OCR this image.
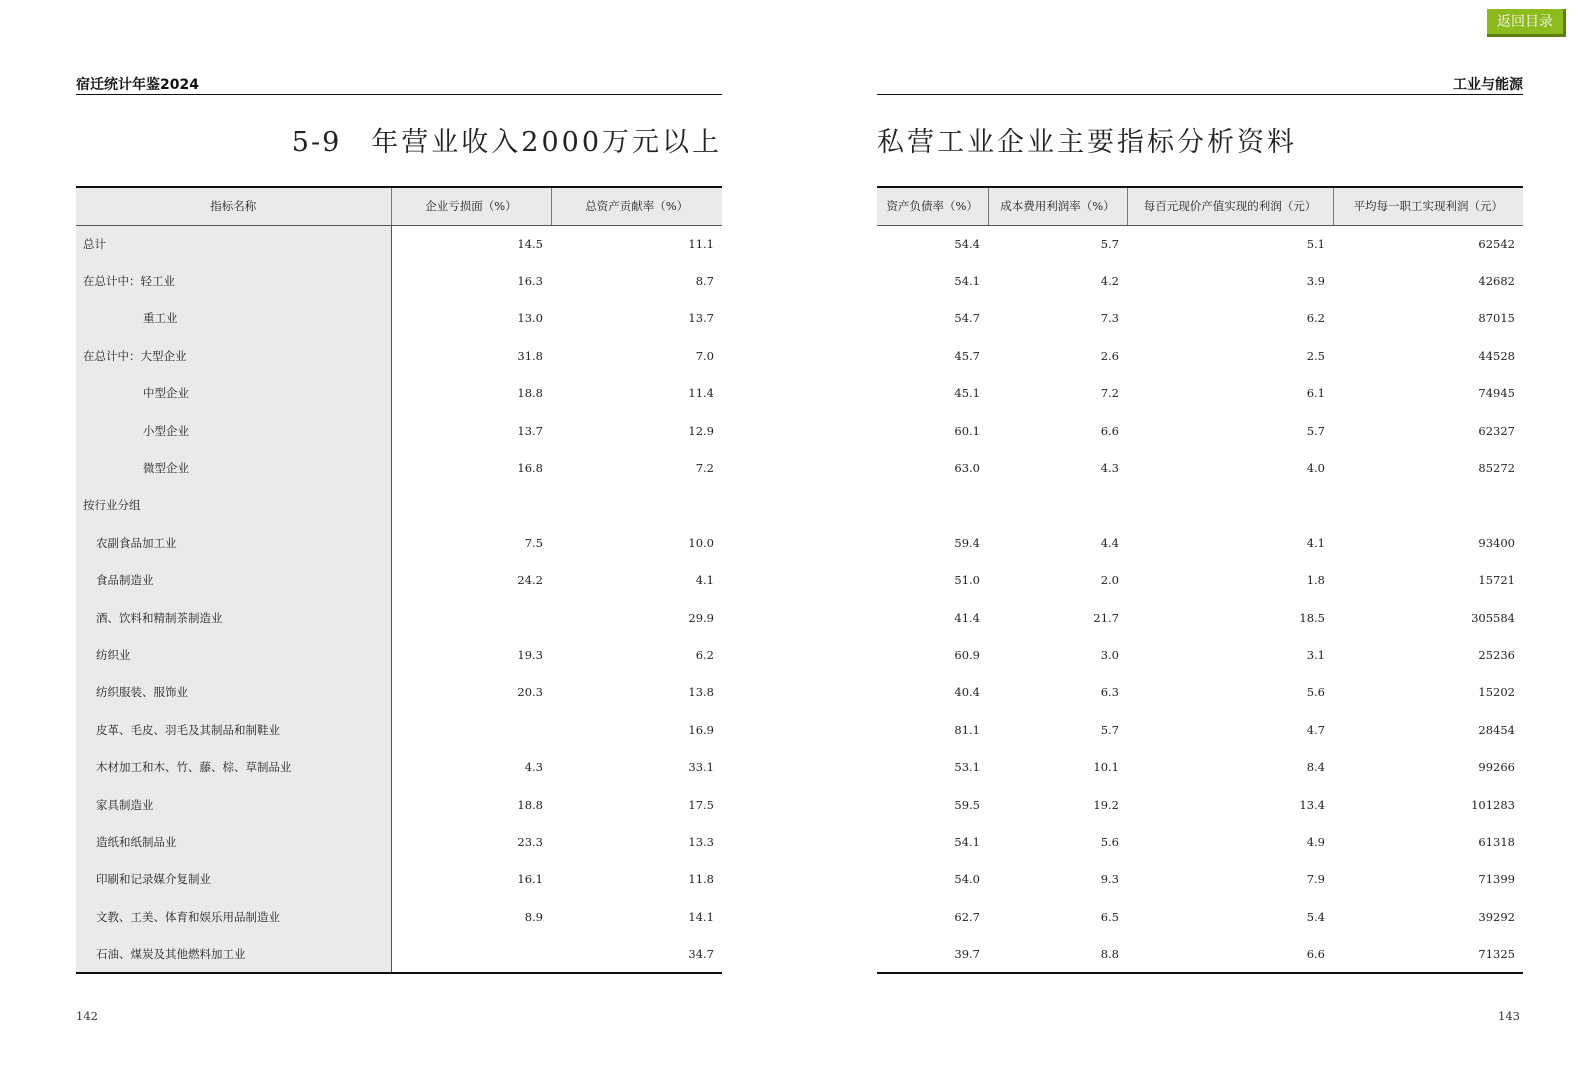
返回目录
宿迁统计年鉴2024	工业与能源
5-9 年营业收入2000万元以上	私营工业企业主要指标分析资料
指标名称	企业亏损面（%）	总资产贡献率（%）
总计	14.5	11.1
在总计中：轻工业	16.3	8.7
重工业	13.0	13.7
在总计中：大型企业	31.8	7.0
中型企业	18.8	11.4
小型企业	13.7	12.9
微型企业	16.8	7.2
按行业分组		
农副食品加工业	7.5	10.0
食品制造业	24.2	4.1
酒、饮料和精制茶制造业		29.9
纺织业	19.3	6.2
纺织服装、服饰业	20.3	13.8
皮革、毛皮、羽毛及其制品和制鞋业		16.9
木材加工和木、竹、藤、棕、草制品业	4.3	33.1
家具制造业	18.8	17.5
造纸和纸制品业	23.3	13.3
印刷和记录媒介复制业	16.1	11.8
文教、工美、体育和娱乐用品制造业	8.9	14.1
石油、煤炭及其他燃料加工业		34.7
资产负债率（%）	成本费用利润率（%）	每百元现价产值实现的利润（元）	平均每一职工实现利润（元）
54.4	5.7	5.1	62542
54.1	4.2	3.9	42682
54.7	7.3	6.2	87015
45.7	2.6	2.5	44528
45.1	7.2	6.1	74945
60.1	6.6	5.7	62327
63.0	4.3	4.0	85272

59.4	4.4	4.1	93400
51.0	2.0	1.8	15721
41.4	21.7	18.5	305584
60.9	3.0	3.1	25236
40.4	6.3	5.6	15202
81.1	5.7	4.7	28454
53.1	10.1	8.4	99266
59.5	19.2	13.4	101283
54.1	5.6	4.9	61318
54.0	9.3	7.9	71399
62.7	6.5	5.4	39292
39.7	8.8	6.6	71325
142	143
